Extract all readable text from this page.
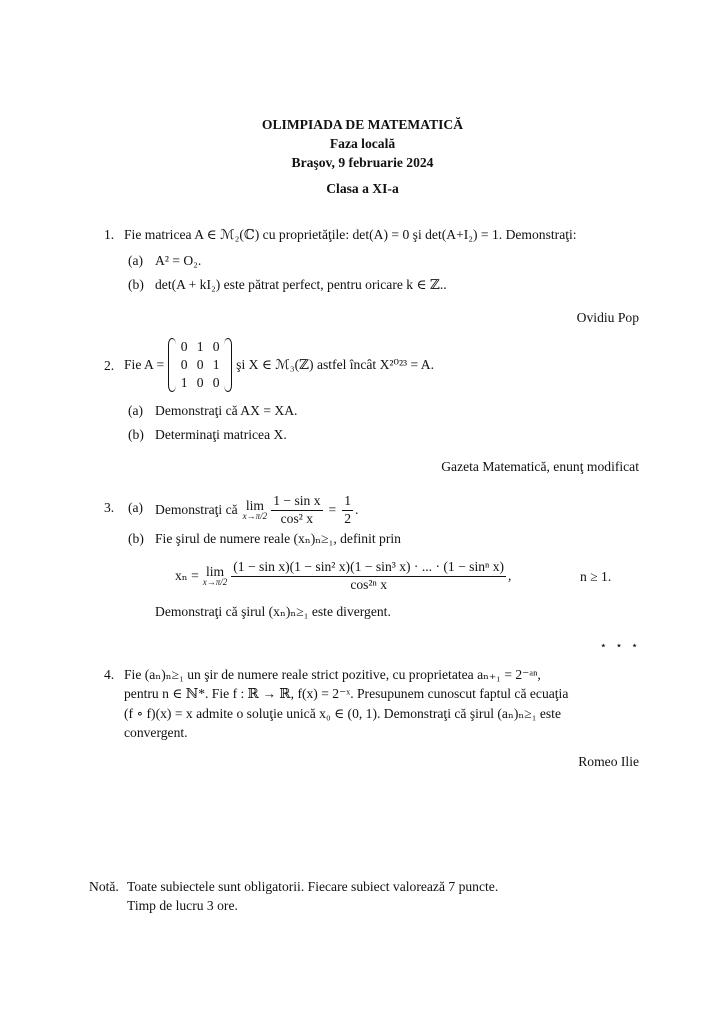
OLIMPIADA DE MATEMATICĂ
Faza locală
Braşov, 9 februarie 2024
Clasa a XI-a
1. Fie matricea A ∈ ℳ₂(ℂ) cu proprietăţile: det(A) = 0 şi det(A+I₂) = 1. Demonstraţi:
(a) A² = O₂.
(b) det(A + kI₂) este pătrat perfect, pentru oricare k ∈ ℤ..
Ovidiu Pop
2. Fie A =
0 1 0
0 0 1
1 0 0
şi X ∈ ℳ₃(ℤ) astfel încât X²⁰²³ = A.
(a) Demonstraţi că AX = XA.
(b) Determinaţi matricea X.
Gazeta Matematică, enunţ modificat
3. (a) Demonstraţi că lim
$x\to\pi/2 \frac{\text{1 − sin x}}{\text{cos² x}} = \frac{1}{2}$ .
(b) Fie şirul de numere reale (xₙ)ₙ≥₁, definit prin
xₙ = lim
$x\to\pi/2 \frac{\text{(1 − sin x)(1 − sin² x)(1 − sin³ x) · ... · (1 − sinⁿ x)}}{\text{cos²ⁿ x}}$ ,	n ≥ 1.
Demonstraţi că şirul (xₙ)ₙ≥₁ este divergent.
⋆ ⋆ ⋆
4. Fie (aₙ)ₙ≥₁ un şir de numere reale strict pozitive, cu proprietatea aₙ₊₁ = 2⁻ᵃⁿ,
pentru n ∈ ℕ*. Fie f : ℝ → ℝ, f(x) = 2⁻ˣ. Presupunem cunoscut faptul că ecuaţia
(f ∘ f)(x) = x admite o soluţie unică x₀ ∈ (0, 1). Demonstraţi că şirul (aₙ)ₙ≥₁ este
convergent.
Romeo Ilie
Notă. Toate subiectele sunt obligatorii. Fiecare subiect valorează 7 puncte.
Timp de lucru 3 ore.
